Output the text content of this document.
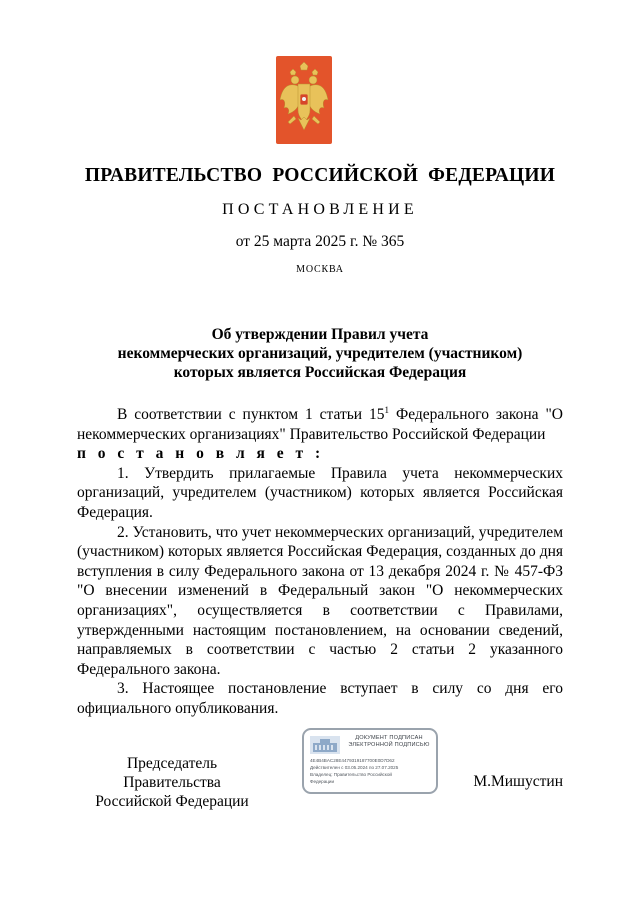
ПРАВИТЕЛЬСТВО РОССИЙСКОЙ ФЕДЕРАЦИИ
ПОСТАНОВЛЕНИЕ
от 25 марта 2025 г. № 365
МОСКВА
Об утверждении Правил учета
некоммерческих организаций, учредителем (участником)
которых является Российская Федерация

В соответствии с пунктом 1 статьи $15^1$ Федерального закона "О некоммерческих организациях" Правительство Российской Федерации

п о с т а н о в л я е т :

1. Утвердить прилагаемые Правила учета некоммерческих организаций, учредителем (участником) которых является Российская Федерация.

2. Установить, что учет некоммерческих организаций, учредителем (участником) которых является Российская Федерация, созданных до дня вступления в силу Федерального закона от 13 декабря 2024 г. № 457-ФЗ "О внесении изменений в Федеральный закон "О некоммерческих организациях", осуществляется в соответствии с Правилами, утвержденными настоящим постановлением, на основании сведений, направляемых в соответствии с частью 2 статьи 2 указанного Федерального закона.

3. Настоящее постановление вступает в силу со дня его официального опубликования.

Председатель Правительства
Российской Федерации
ДОКУМЕНТ ПОДПИСАН
ЭЛЕКТРОННОЙ ПОДПИСЬЮ
4E4B4BAC28E4479319187700E0D7D62
Действителен с 03.05.2024 по 27.07.2025
Владелец: Правительство Российской
Федерации	М.Мишустин
